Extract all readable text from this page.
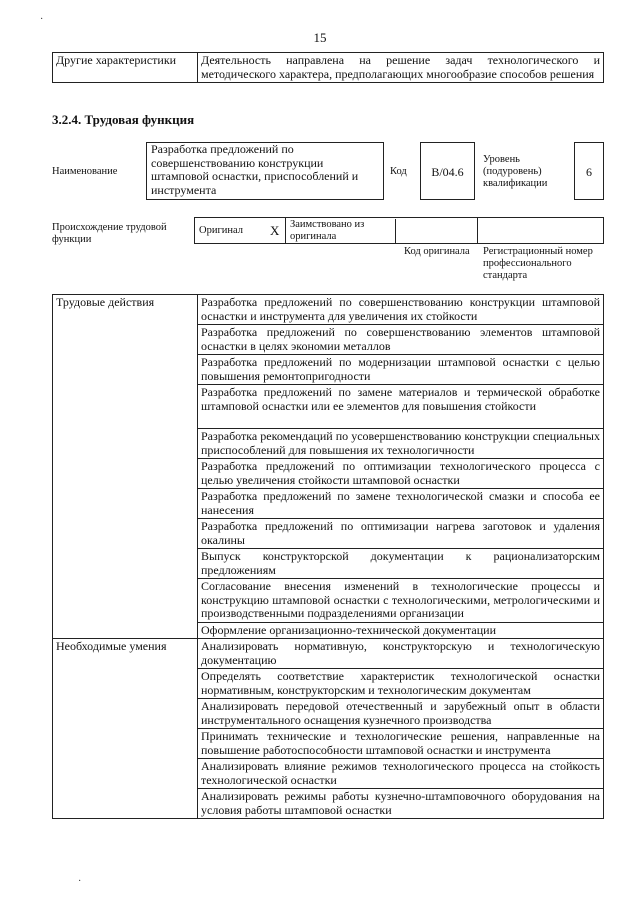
·
·
15
Другие характеристики	Деятельность направлена на решение задач технологического и методического характера, предполагающих многообразие способов решения
3.2.4. Трудовая функция
Наименование
Разработка предложений по совершенствованию конструкции штамповой оснастки, приспособлений и инструмента
Код	B/04.6
Уровень (подуровень) квалификации
6
Происхождение трудовой функции
Оригинал X	Заимствовано из оригинала
Код оригинала Регистрационный номер профессионального стандарта
Трудовые действия	Разработка предложений по совершенствованию конструкции штамповой оснастки и инструмента для увеличения их стойкости
	Разработка предложений по совершенствованию элементов штамповой оснастки в целях экономии металлов
	Разработка предложений по модернизации штамповой оснастки с целью повышения ремонтопригодности
	Разработка предложений по замене материалов и термической обработке штамповой оснастки или ее элементов для повышения стойкости
	Разработка рекомендаций по усовершенствованию конструкции специальных приспособлений для повышения их технологичности
	Разработка предложений по оптимизации технологического процесса с целью увеличения стойкости штамповой оснастки
	Разработка предложений по замене технологической смазки и способа ее нанесения
	Разработка предложений по оптимизации нагрева заготовок и удаления окалины
	Выпуск конструкторской документации к рационализаторским предложениям
	Согласование внесения изменений в технологические процессы и конструкцию штамповой оснастки с технологическими, метрологическими и производственными подразделениями организации
	Оформление организационно-технической документации
Необходимые умения	Анализировать нормативную, конструкторскую и технологическую документацию
	Определять соответствие характеристик технологической оснастки нормативным, конструкторским и технологическим документам
	Анализировать передовой отечественный и зарубежный опыт в области инструментального оснащения кузнечного производства
	Принимать технические и технологические решения, направленные на повышение работоспособности штамповой оснастки и инструмента
	Анализировать влияние режимов технологического процесса на стойкость технологической оснастки
	Анализировать режимы работы кузнечно-штамповочного оборудования на условия работы штамповой оснастки
